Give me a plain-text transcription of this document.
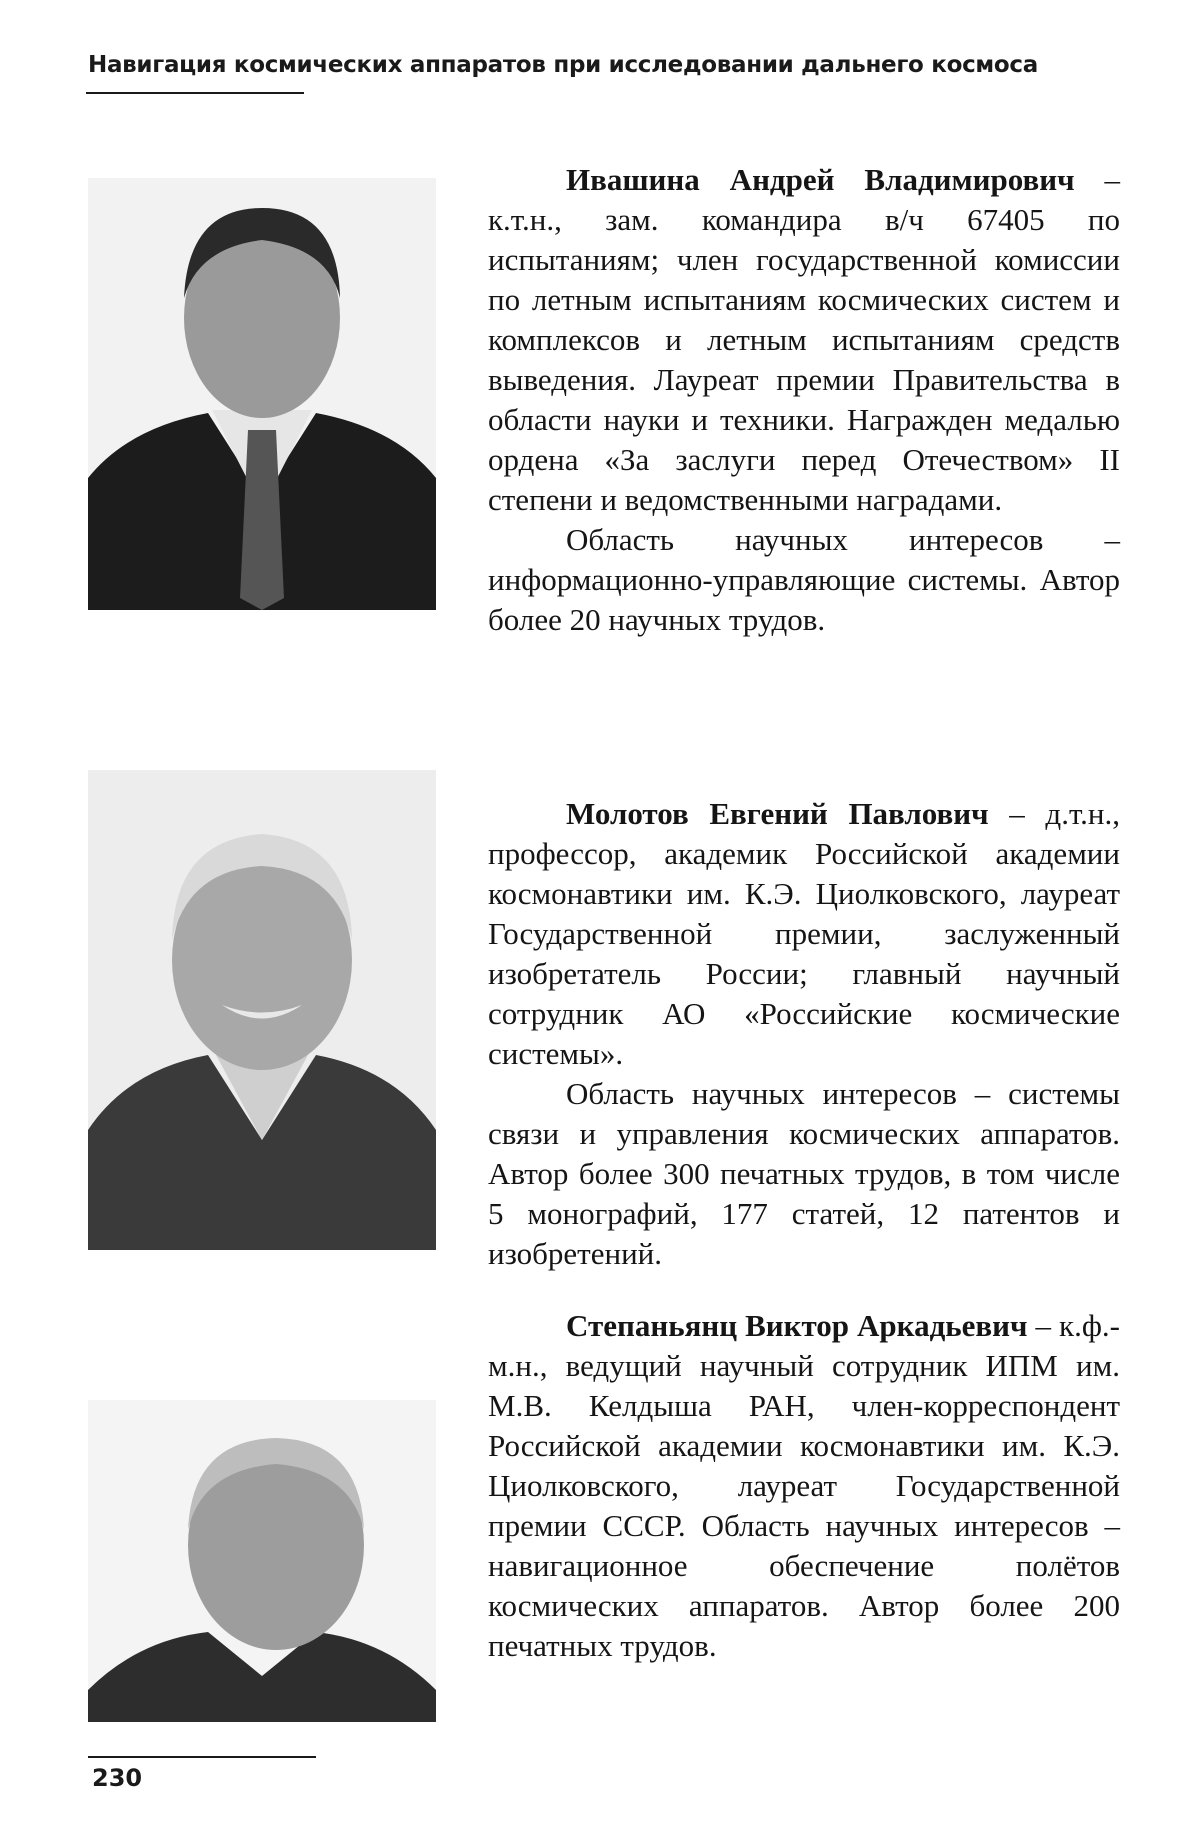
Навигация космических аппаратов при исследовании дальнего космоса

Ивашина Андрей Владимирович – к.т.н., зам. командира в/ч 67405 по испытаниям; член государственной комиссии по летным испытаниям космических систем и комплексов и летным испытаниям средств выведения. Лауреат премии Правительства в области науки и техники. Награжден медалью ордена «За заслуги перед Отечеством» II степени и ведомственными наградами.

Область научных интересов – информационно-управляющие системы. Автор более 20 научных трудов.

Молотов Евгений Павлович – д.т.н., профессор, академик Российской академии космонавтики им. К.Э. Циолковского, лауреат Государственной премии, заслуженный изобретатель России; главный научный сотрудник АО «Российские космические системы».

Область научных интересов – системы связи и управления космических аппаратов. Автор более 300 печатных трудов, в том числе 5 монографий, 177 статей, 12 патентов и изобретений.

Степаньянц Виктор Аркадьевич – к.ф.-м.н., ведущий научный сотрудник ИПМ им. М.В. Келдыша РАН, член-корреспондент Российской академии космонавтики им. К.Э. Циолковского, лауреат Государственной премии СССР. Область научных интересов – навигационное обеспечение полётов космических аппаратов. Автор более 200 печатных трудов.

230
